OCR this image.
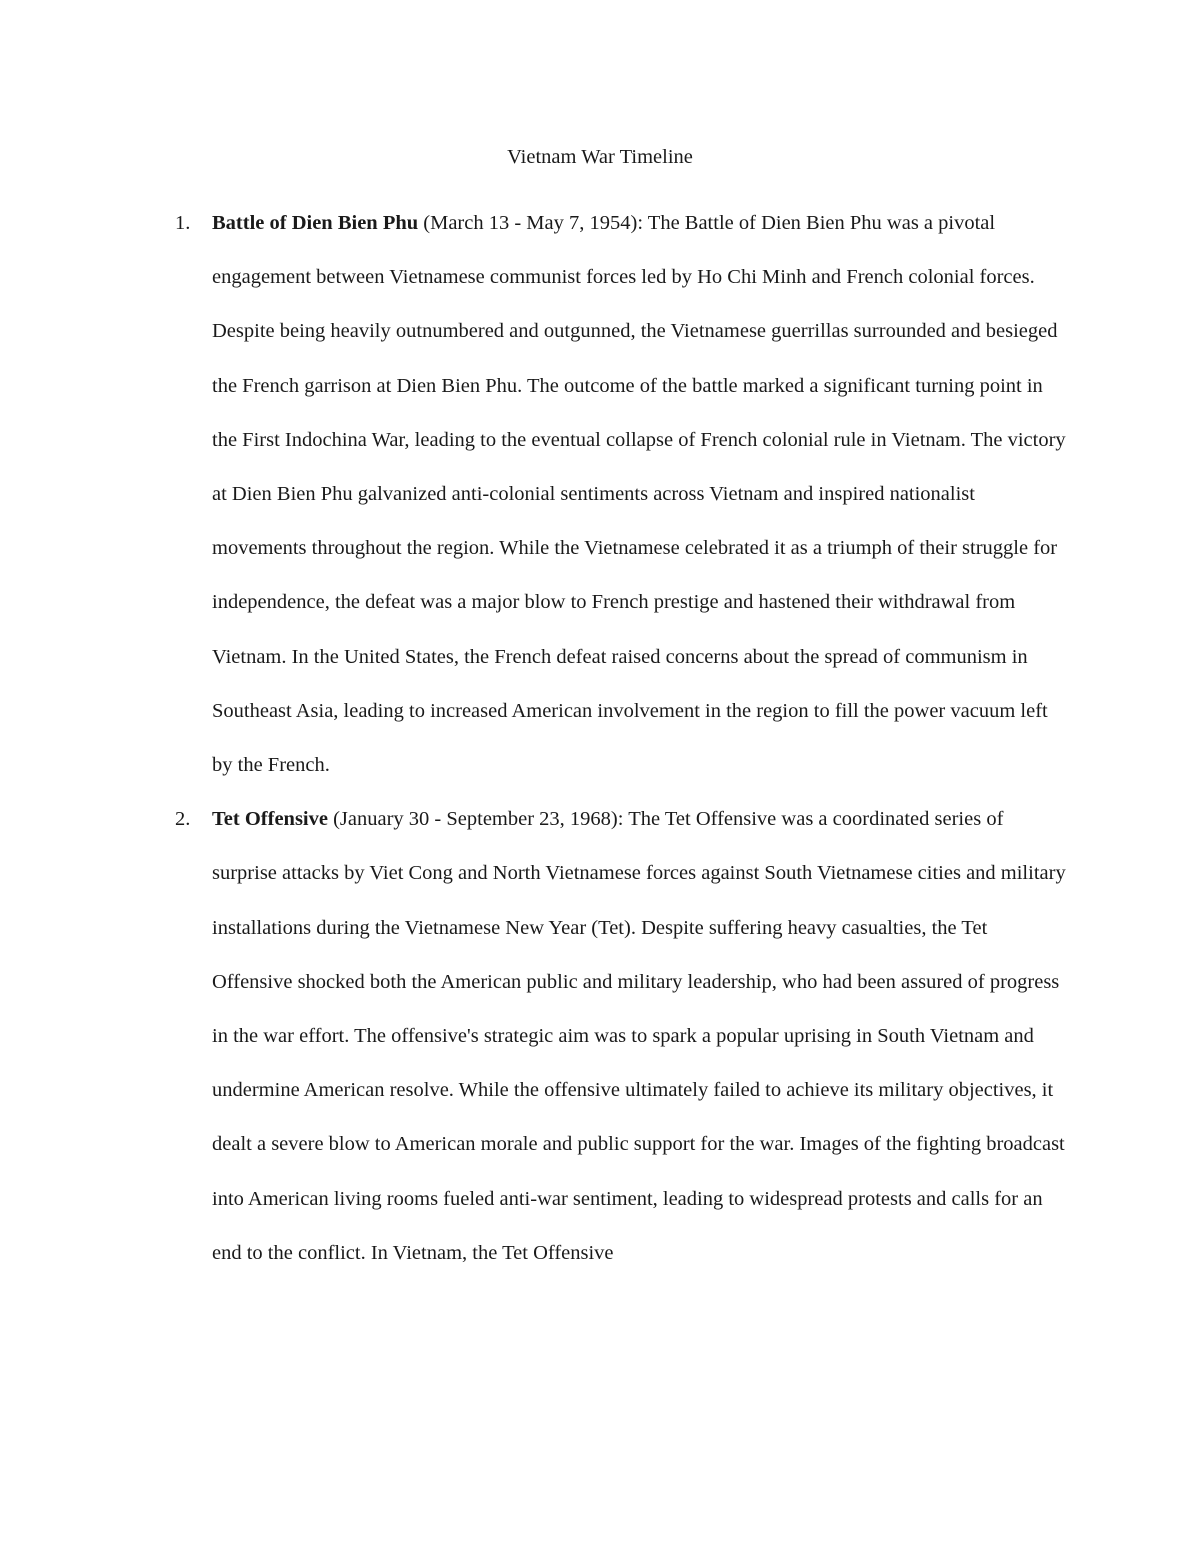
Vietnam War Timeline
1. Battle of Dien Bien Phu (March 13 - May 7, 1954): The Battle of Dien Bien Phu was a pivotal engagement between Vietnamese communist forces led by Ho Chi Minh and French colonial forces. Despite being heavily outnumbered and outgunned, the Vietnamese guerrillas surrounded and besieged the French garrison at Dien Bien Phu. The outcome of the battle marked a significant turning point in the First Indochina War, leading to the eventual collapse of French colonial rule in Vietnam. The victory at Dien Bien Phu galvanized anti-colonial sentiments across Vietnam and inspired nationalist movements throughout the region. While the Vietnamese celebrated it as a triumph of their struggle for independence, the defeat was a major blow to French prestige and hastened their withdrawal from Vietnam. In the United States, the French defeat raised concerns about the spread of communism in Southeast Asia, leading to increased American involvement in the region to fill the power vacuum left by the French.
2. Tet Offensive (January 30 - September 23, 1968): The Tet Offensive was a coordinated series of surprise attacks by Viet Cong and North Vietnamese forces against South Vietnamese cities and military installations during the Vietnamese New Year (Tet). Despite suffering heavy casualties, the Tet Offensive shocked both the American public and military leadership, who had been assured of progress in the war effort. The offensive's strategic aim was to spark a popular uprising in South Vietnam and undermine American resolve. While the offensive ultimately failed to achieve its military objectives, it dealt a severe blow to American morale and public support for the war. Images of the fighting broadcast into American living rooms fueled anti-war sentiment, leading to widespread protests and calls for an end to the conflict. In Vietnam, the Tet Offensive
